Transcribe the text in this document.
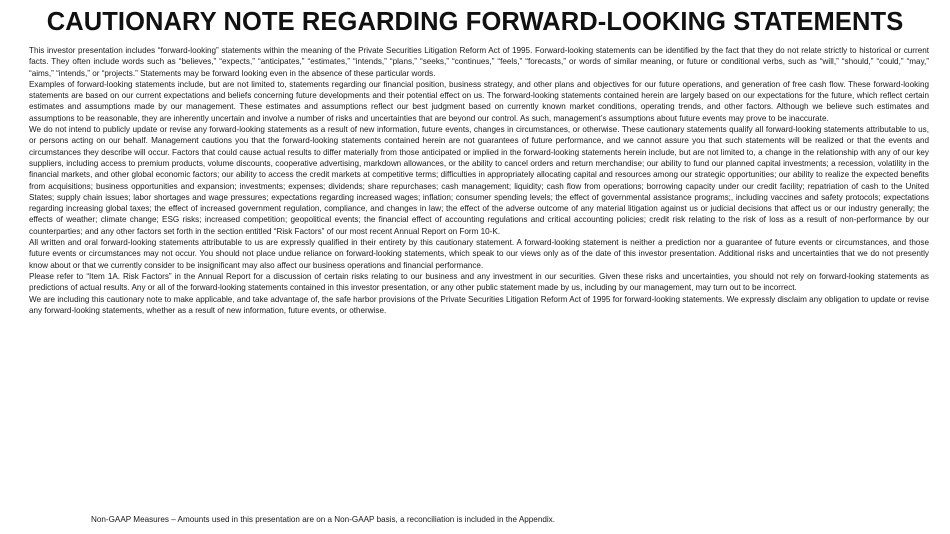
CAUTIONARY NOTE REGARDING FORWARD-LOOKING STATEMENTS

This investor presentation includes “forward-looking” statements within the meaning of the Private Securities Litigation Reform Act of 1995. Forward-looking statements can be identified by the fact that they do not relate strictly to historical or current facts. They often include words such as “believes,” “expects,” “anticipates,” “estimates,” “intends,” “plans,” “seeks,” “continues,” “feels,” “forecasts,” or words of similar meaning, or future or conditional verbs, such as “will,” “should,” “could,” “may,” “aims,” “intends,” or “projects.” Statements may be forward looking even in the absence of these particular words.

Examples of forward-looking statements include, but are not limited to, statements regarding our financial position, business strategy, and other plans and objectives for our future operations, and generation of free cash flow. These forward-looking statements are based on our current expectations and beliefs concerning future developments and their potential effect on us. The forward-looking statements contained herein are largely based on our expectations for the future, which reflect certain estimates and assumptions made by our management. These estimates and assumptions reflect our best judgment based on currently known market conditions, operating trends, and other factors. Although we believe such estimates and assumptions to be reasonable, they are inherently uncertain and involve a number of risks and uncertainties that are beyond our control. As such, management’s assumptions about future events may prove to be inaccurate.

We do not intend to publicly update or revise any forward-looking statements as a result of new information, future events, changes in circumstances, or otherwise. These cautionary statements qualify all forward-looking statements attributable to us, or persons acting on our behalf. Management cautions you that the forward-looking statements contained herein are not guarantees of future performance, and we cannot assure you that such statements will be realized or that the events and circumstances they describe will occur. Factors that could cause actual results to differ materially from those anticipated or implied in the forward-looking statements herein include, but are not limited to, a change in the relationship with any of our key suppliers, including access to premium products, volume discounts, cooperative advertising, markdown allowances, or the ability to cancel orders and return merchandise; our ability to fund our planned capital investments; a recession, volatility in the financial markets, and other global economic factors; our ability to access the credit markets at competitive terms; difficulties in appropriately allocating capital and resources among our strategic opportunities; our ability to realize the expected benefits from acquisitions; business opportunities and expansion; investments; expenses; dividends; share repurchases; cash management; liquidity; cash flow from operations; borrowing capacity under our credit facility; repatriation of cash to the United States; supply chain issues; labor shortages and wage pressures; expectations regarding increased wages; inflation; consumer spending levels; the effect of governmental assistance programs;, including vaccines and safety protocols; expectations regarding increasing global taxes; the effect of increased government regulation, compliance, and changes in law; the effect of the adverse outcome of any material litigation against us or judicial decisions that affect us or our industry generally; the effects of weather; climate change; ESG risks; increased competition; geopolitical events; the financial effect of accounting regulations and critical accounting policies; credit risk relating to the risk of loss as a result of non-performance by our counterparties; and any other factors set forth in the section entitled “Risk Factors” of our most recent Annual Report on Form 10-K.

All written and oral forward-looking statements attributable to us are expressly qualified in their entirety by this cautionary statement. A forward-looking statement is neither a prediction nor a guarantee of future events or circumstances, and those future events or circumstances may not occur. You should not place undue reliance on forward-looking statements, which speak to our views only as of the date of this investor presentation. Additional risks and uncertainties that we do not presently know about or that we currently consider to be insignificant may also affect our business operations and financial performance.

Please refer to “Item 1A. Risk Factors” in the Annual Report for a discussion of certain risks relating to our business and any investment in our securities. Given these risks and uncertainties, you should not rely on forward-looking statements as predictions of actual results. Any or all of the forward-looking statements contained in this investor presentation, or any other public statement made by us, including by our management, may turn out to be incorrect.

We are including this cautionary note to make applicable, and take advantage of, the safe harbor provisions of the Private Securities Litigation Reform Act of 1995 for forward-looking statements. We expressly disclaim any obligation to update or revise any forward-looking statements, whether as a result of new information, future events, or otherwise.

Non-GAAP Measures – Amounts used in this presentation are on a Non-GAAP basis, a reconciliation is included in the Appendix.
